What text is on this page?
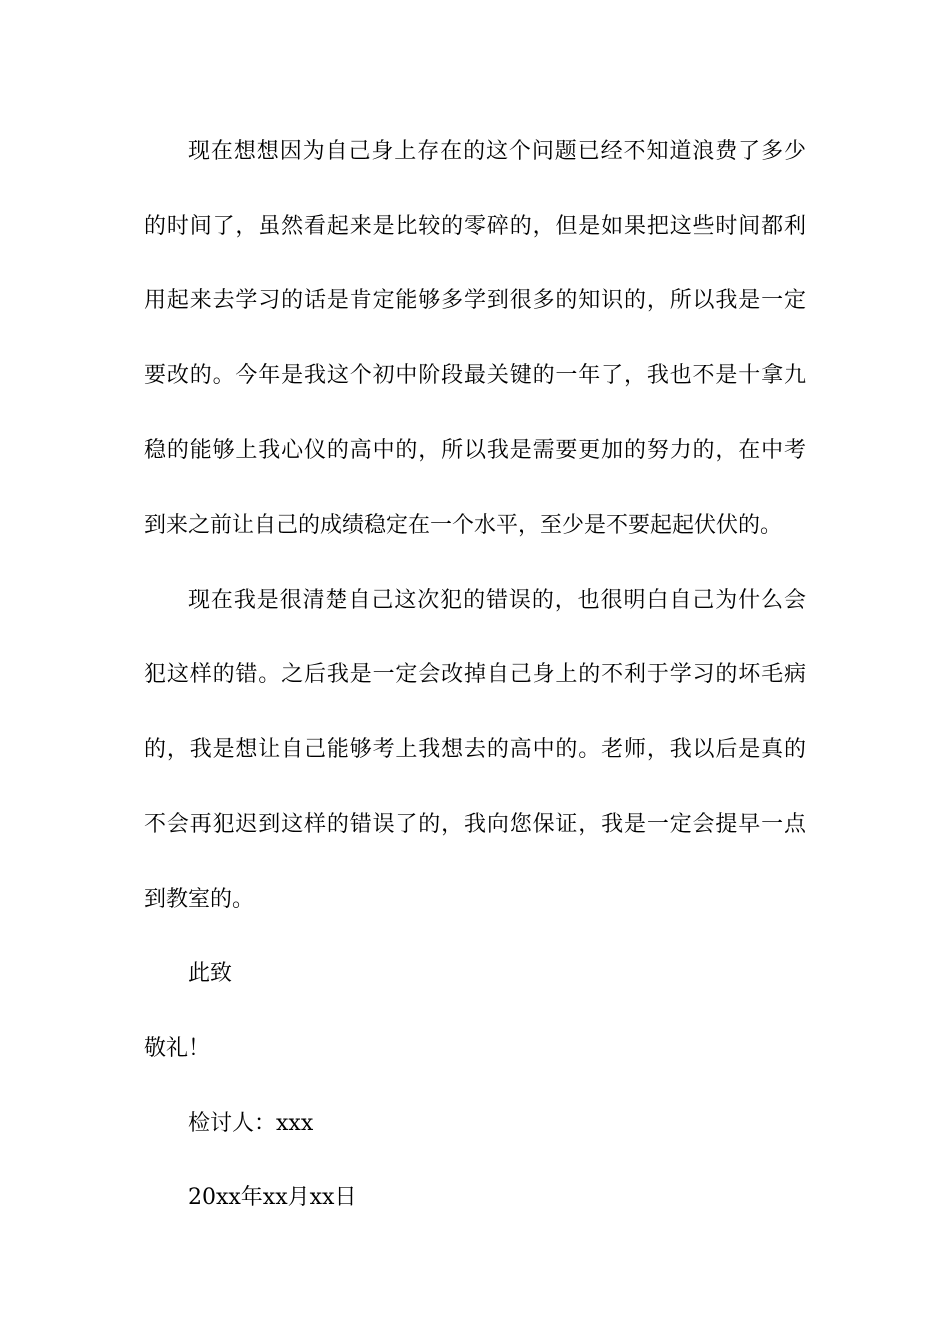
现在想想因为自己身上存在的这个问题已经不知道浪费了多少
的时间了，虽然看起来是比较的零碎的，但是如果把这些时间都利
用起来去学习的话是肯定能够多学到很多的知识的，所以我是一定
要改的。今年是我这个初中阶段最关键的一年了，我也不是十拿九
稳的能够上我心仪的高中的，所以我是需要更加的努力的，在中考
到来之前让自己的成绩稳定在一个水平，至少是不要起起伏伏的。
现在我是很清楚自己这次犯的错误的，也很明白自己为什么会
犯这样的错。之后我是一定会改掉自己身上的不利于学习的坏毛病
的，我是想让自己能够考上我想去的高中的。老师，我以后是真的
不会再犯迟到这样的错误了的，我向您保证，我是一定会提早一点
到教室的。
此致
敬礼！
检讨人：xxx
20xx年xx月xx日
